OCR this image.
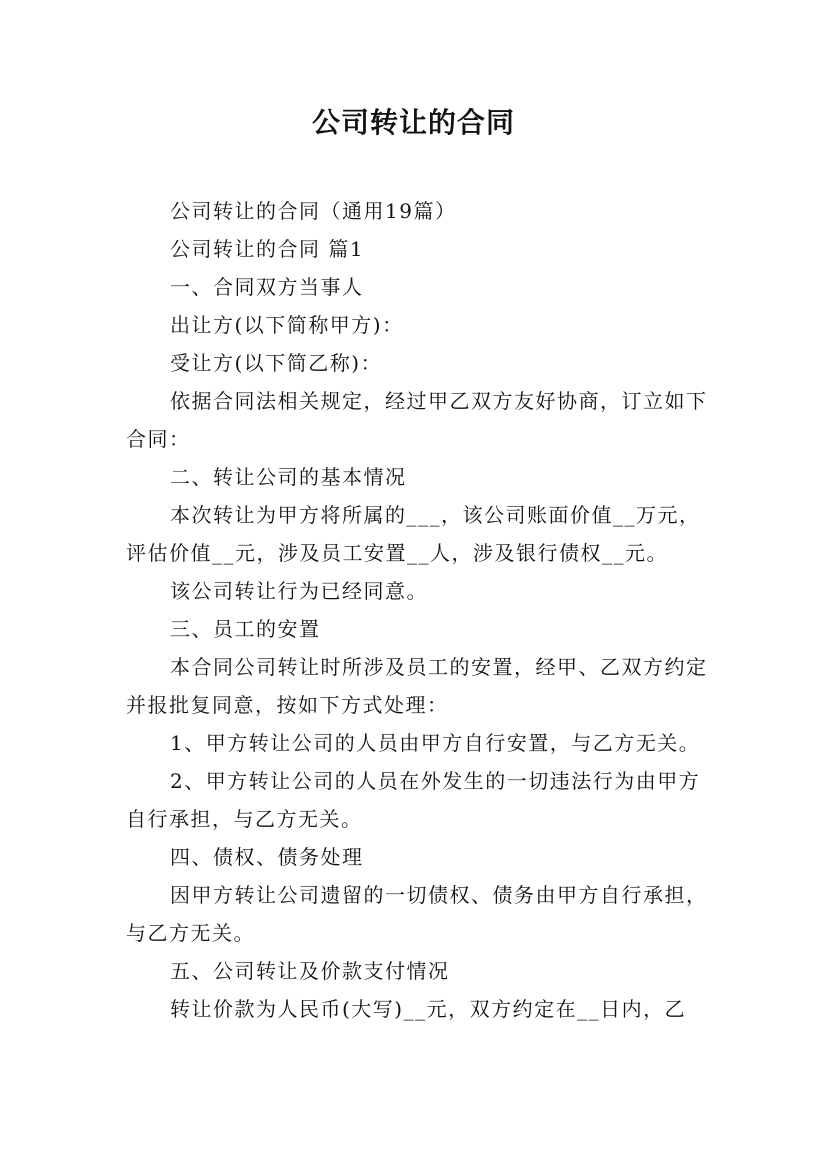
公司转让的合同

公司转让的合同（通用19篇）

公司转让的合同 篇1

一、合同双方当事人

出让方(以下简称甲方)：

受让方(以下简乙称)：

依据合同法相关规定，经过甲乙双方友好协商，订立如下合同：

二、转让公司的基本情况

本次转让为甲方将所属的___，该公司账面价值__万元，评估价值__元，涉及员工安置__人，涉及银行债权__元。

该公司转让行为已经同意。

三、员工的安置

本合同公司转让时所涉及员工的安置，经甲、乙双方约定并报批复同意，按如下方式处理：

1、甲方转让公司的人员由甲方自行安置，与乙方无关。

2、甲方转让公司的人员在外发生的一切违法行为由甲方自行承担，与乙方无关。

四、债权、债务处理

因甲方转让公司遗留的一切债权、债务由甲方自行承担，与乙方无关。

五、公司转让及价款支付情况

转让价款为人民币(大写)__元，双方约定在__日内，乙
